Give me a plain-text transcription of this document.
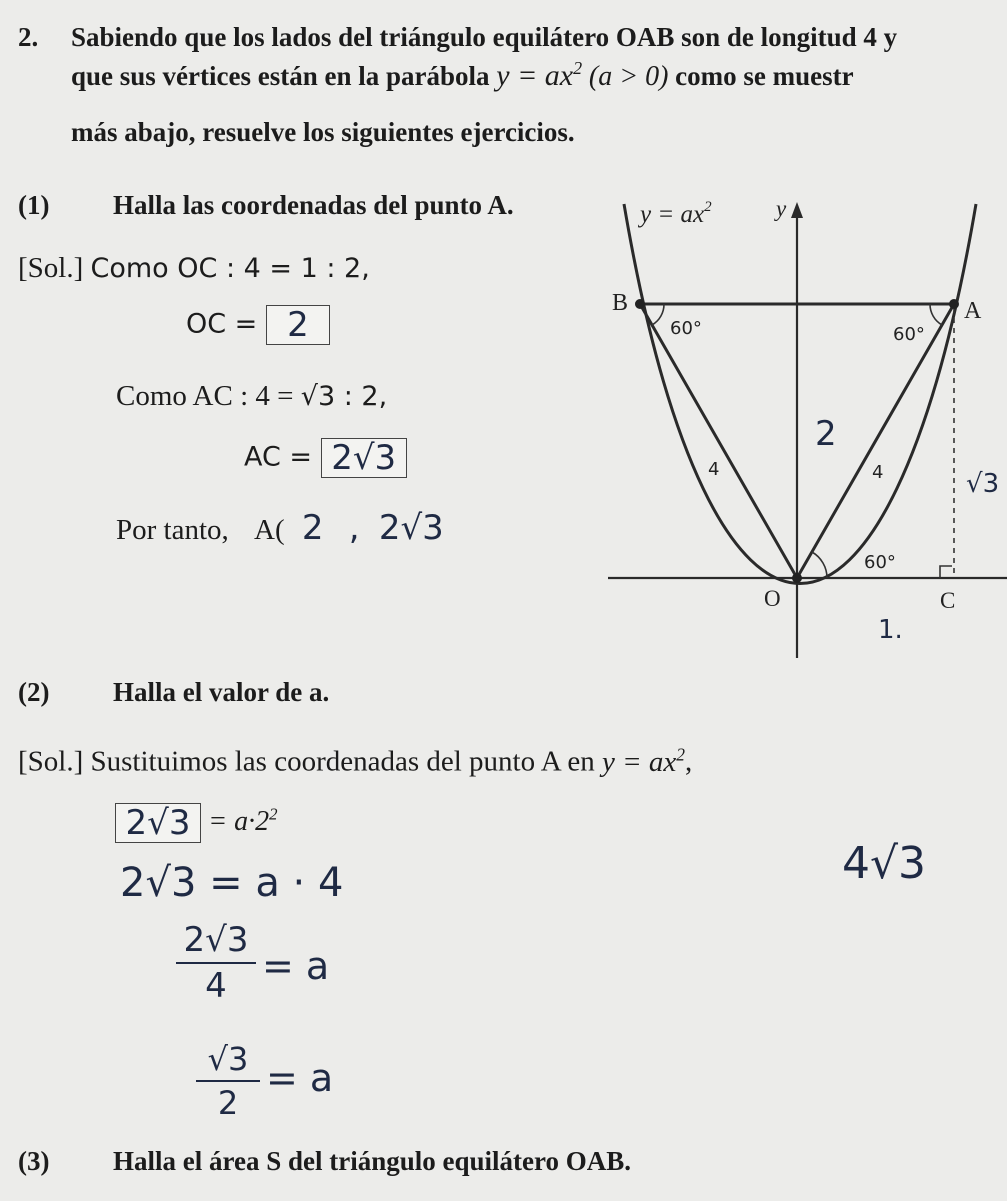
2. Sabiendo que los lados del triángulo equilátero OAB son de longitud 4 y
que sus vértices están en la parábola $y = ax^2$ (a > 0) como se muestr
más abajo, resuelve los siguientes ejercicios.
(1) Halla las coordenadas del punto A.
[Sol.] Como OC : 4 = 1 : 2,
OC = 2
Como AC : 4 = √3 : 2,
AC = 2√3
Por tanto, A( 2 , 2√3
$y = ax^2$	y
B	A
O	C
60°	60°
60°
4	4
2
1.
√3
(2) Halla el valor de a.
[Sol.] Sustituimos las coordenadas del punto A en $y = ax^2$,
$2√3 = a\cdot 2^2$
2√3 = a · 4
2√3
4 = a
√3
2
= a
4√3
(3) Halla el área S del triángulo equilátero OAB.
